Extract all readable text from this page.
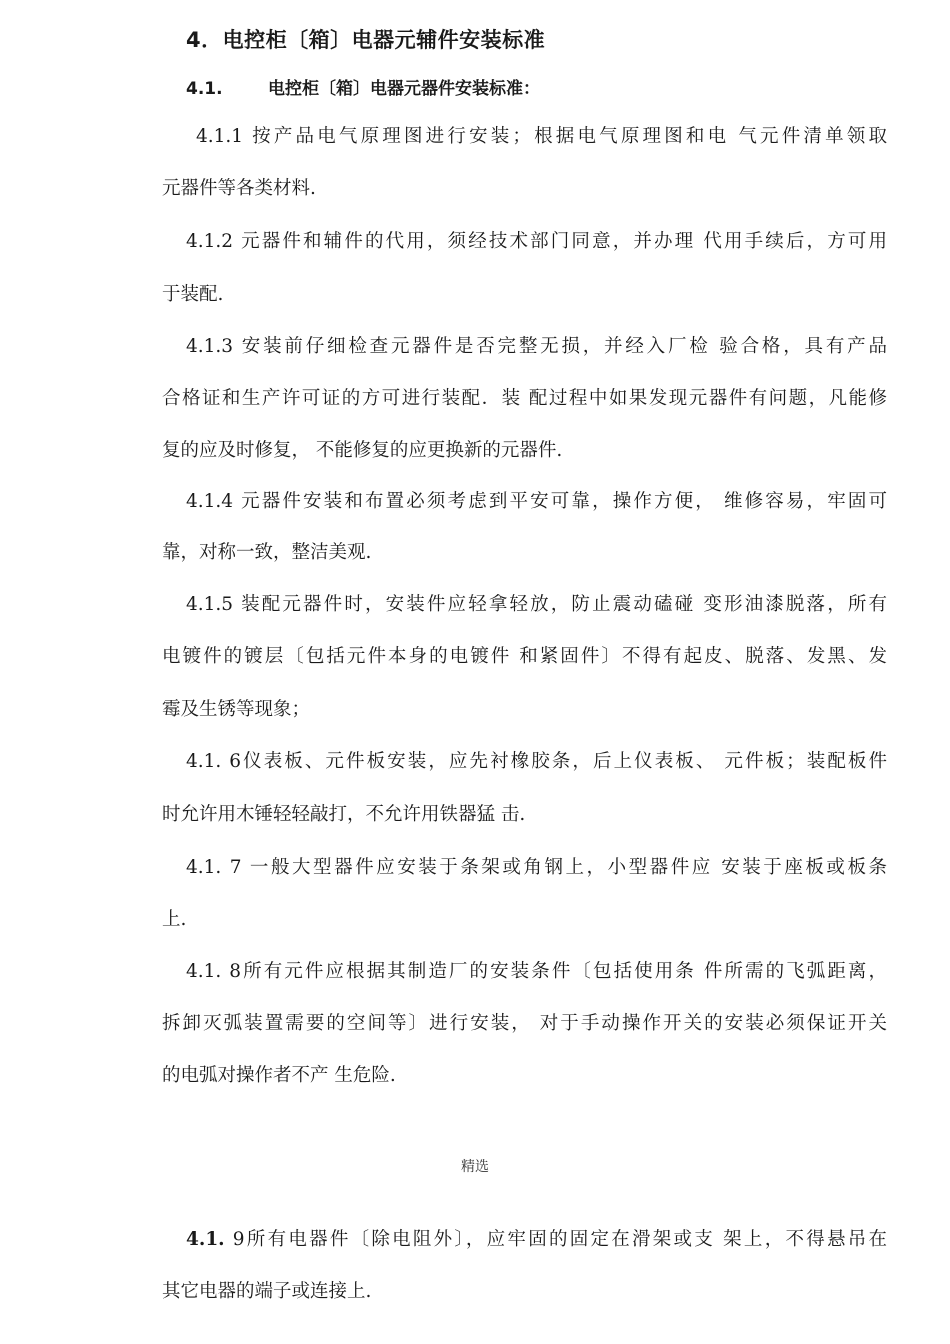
4．电控柜〔箱〕电器元辅件安装标准
4.1.	电控柜〔箱〕电器元器件安装标准：
4.1.1 按产品电气原理图进行安装；根据电气原理图和电 气元件清单领取
元器件等各类材料.
4.1.2 元器件和辅件的代用，须经技术部门同意，并办理 代用手续后，方可用
于装配.
4.1.3 安装前仔细检查元器件是否完整无损，并经入厂检 验合格，具有产品
合格证和生产许可证的方可进行装配．装 配过程中如果发现元器件有问题，凡能修
复的应及时修复， 不能修复的应更换新的元器件.
4.1.4 元器件安装和布置必须考虑到平安可靠，操作方便， 维修容易，牢固可
靠，对称一致，整洁美观.
4.1.5 装配元器件时，安装件应轻拿轻放，防止震动磕碰 变形油漆脱落，所有
电镀件的镀层〔包括元件本身的电镀件 和紧固件〕不得有起皮、脱落、发黑、发
霉及生锈等现象；
4.1. 6仪表板、元件板安装，应先衬橡胶条，后上仪表板、 元件板；装配板件
时允许用木锤轻轻敲打，不允许用铁器猛 击.
4.1. 7 一般大型器件应安装于条架或角钢上，小型器件应 安装于座板或板条
上.
4.1. 8所有元件应根据其制造厂的安装条件〔包括使用条 件所需的飞弧距离，
拆卸灭弧装置需要的空间等〕进行安装， 对于手动操作开关的安装必须保证开关
的电弧对操作者不产 生危险.
精选
4.1. 9所有电器件〔除电阻外〕，应牢固的固定在滑架或支 架上，不得悬吊在
其它电器的端子或连接上.
